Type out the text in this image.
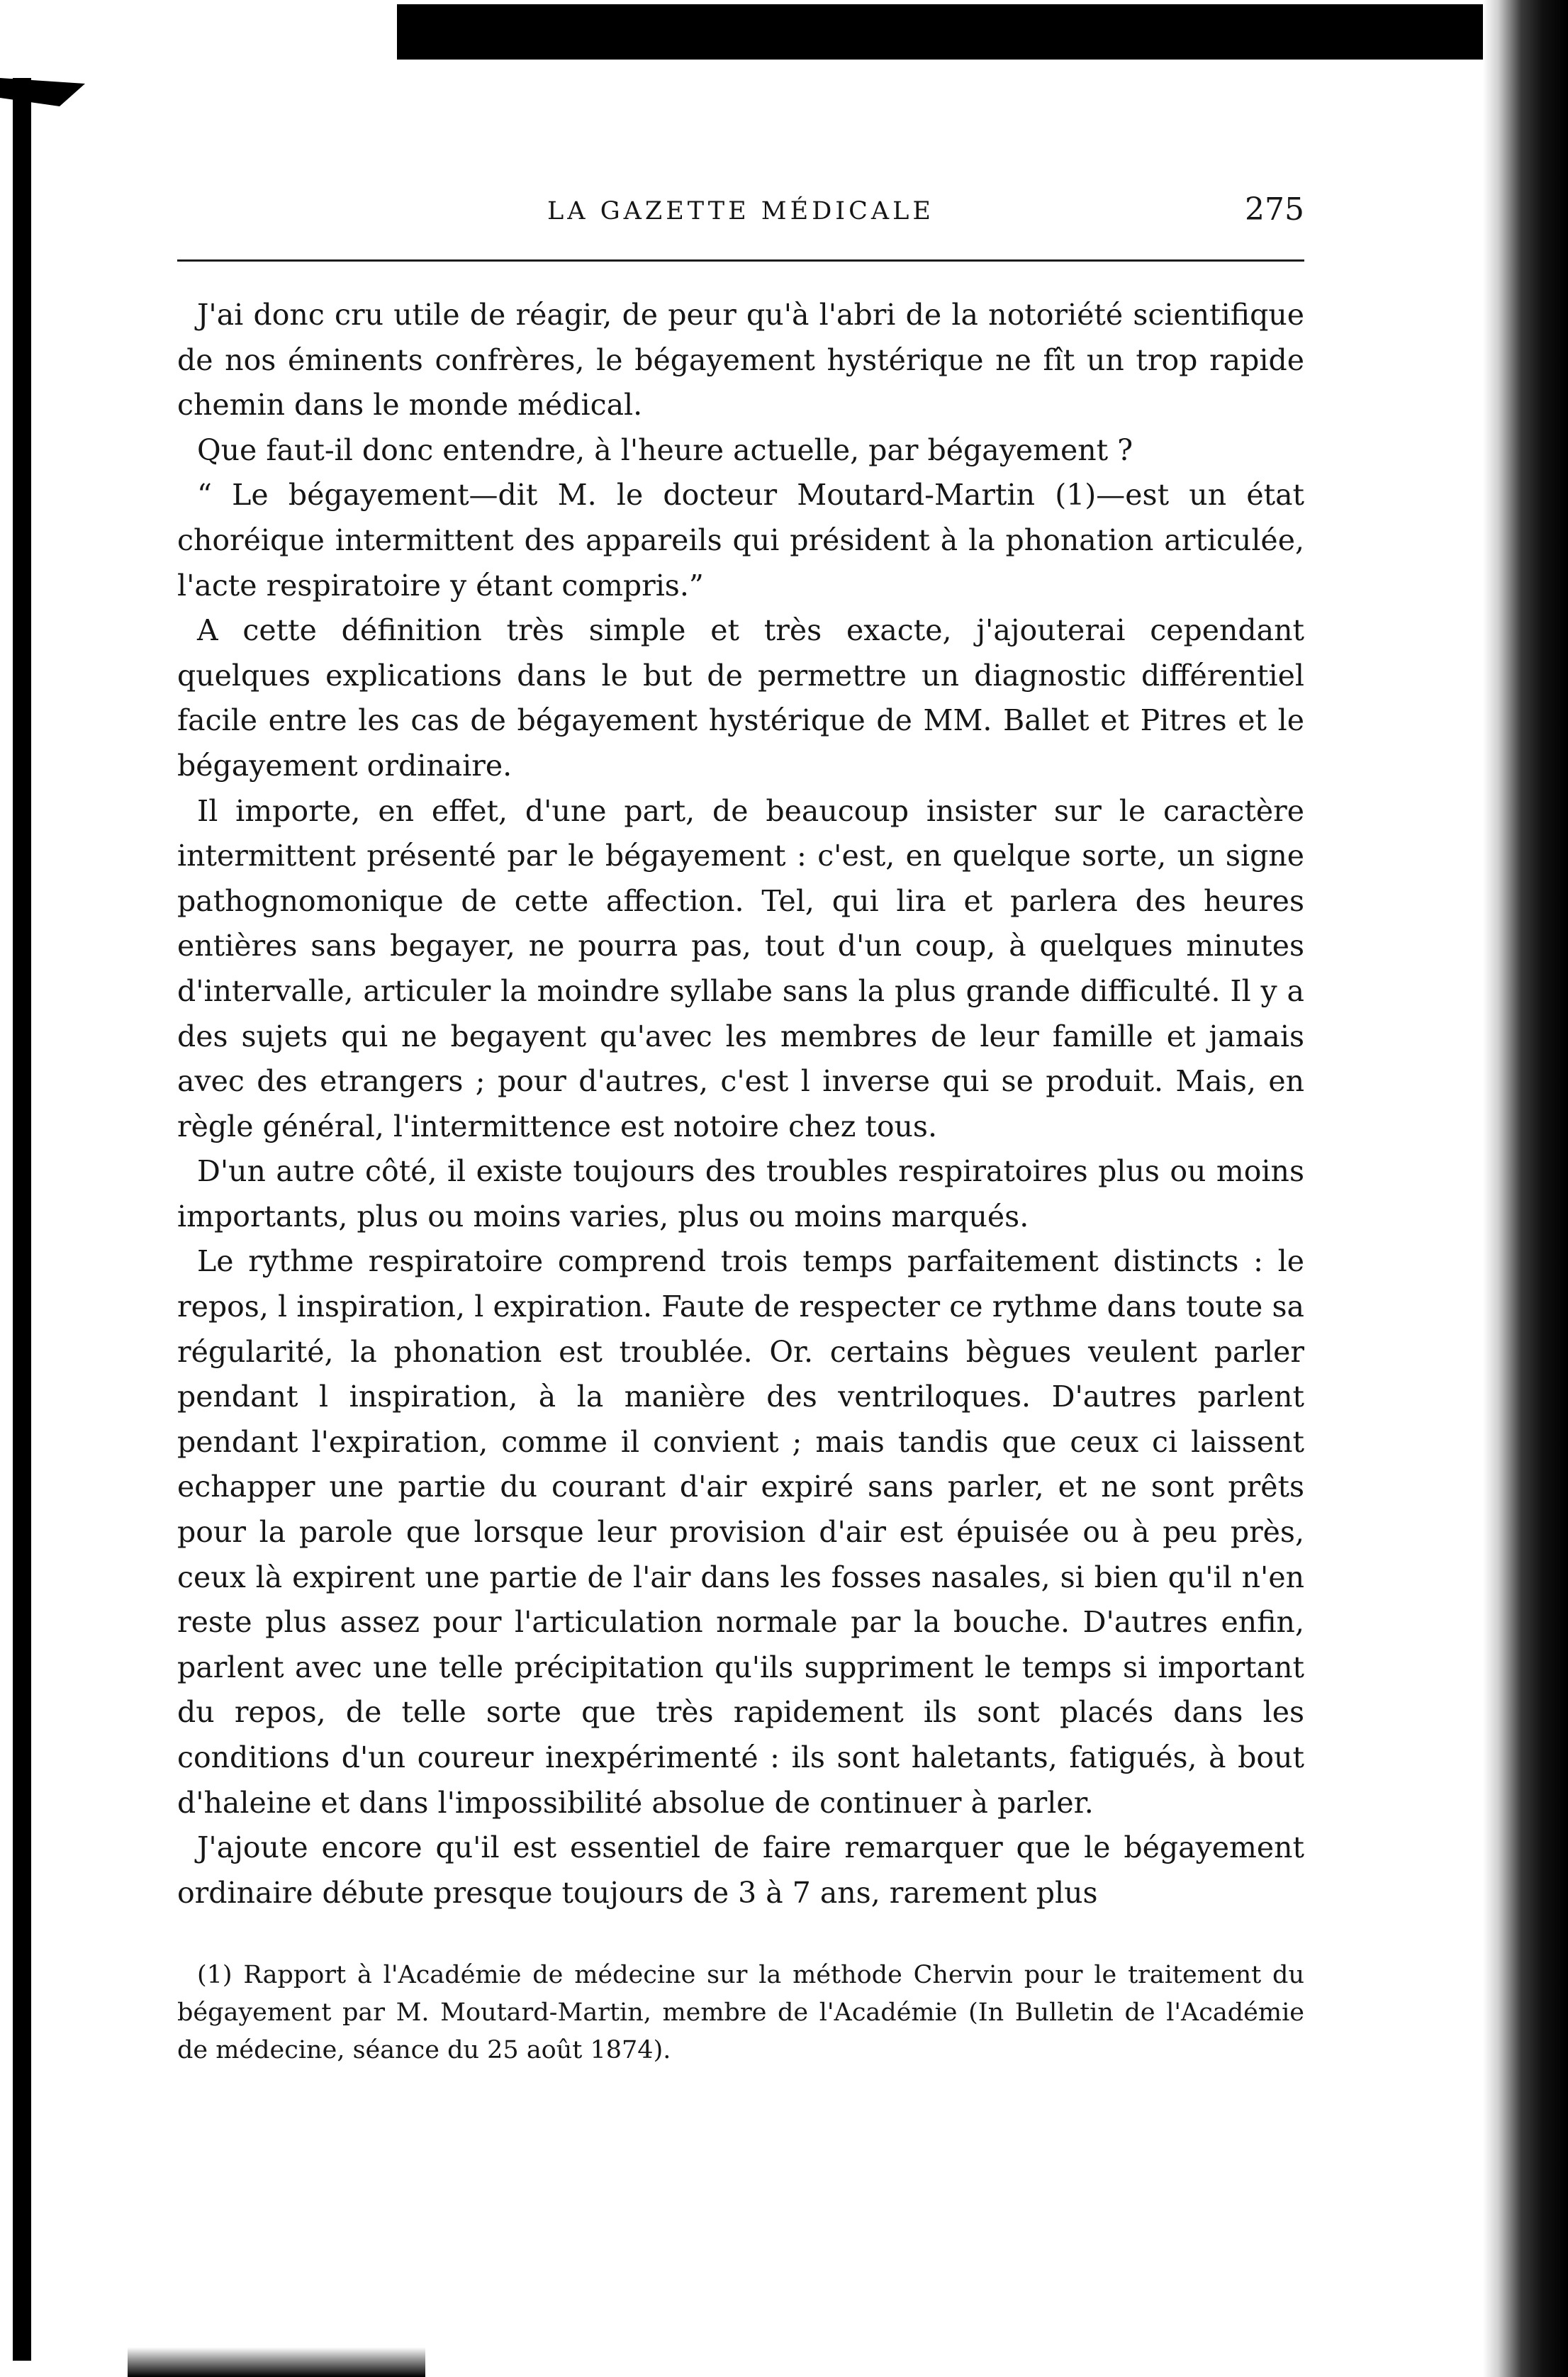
LA GAZETTE MÉDICALE	275

J'ai donc cru utile de réagir, de peur qu'à l'abri de la notoriété scientifique de nos éminents confrères, le bégayement hystérique ne fît un trop rapide chemin dans le monde médical.

Que faut-il donc entendre, à l'heure actuelle, par bégayement ?

“ Le bégayement—dit M. le docteur Moutard-Martin (1)—est un état choréique intermittent des appareils qui président à la phonation articulée, l'acte respiratoire y étant compris.”

A cette définition très simple et très exacte, j'ajouterai cependant quelques explications dans le but de permettre un diagnostic différentiel facile entre les cas de bégayement hystérique de MM. Ballet et Pitres et le bégayement ordinaire.

Il importe, en effet, d'une part, de beaucoup insister sur le caractère intermittent présenté par le bégayement : c'est, en quelque sorte, un signe pathognomonique de cette affection. Tel, qui lira et parlera des heures entières sans begayer, ne pourra pas, tout d'un coup, à quelques minutes d'intervalle, articuler la moindre syllabe sans la plus grande difficulté. Il y a des sujets qui ne begayent qu'avec les membres de leur famille et jamais avec des etrangers ; pour d'autres, c'est l inverse qui se produit. Mais, en règle général, l'intermittence est notoire chez tous.

D'un autre côté, il existe toujours des troubles respiratoires plus ou moins importants, plus ou moins varies, plus ou moins marqués.

Le rythme respiratoire comprend trois temps parfaitement distincts : le repos, l inspiration, l expiration. Faute de respecter ce rythme dans toute sa régularité, la phonation est troublée. Or. certains bègues veulent parler pendant l inspiration, à la manière des ventriloques. D'autres parlent pendant l'expiration, comme il convient ; mais tandis que ceux ci laissent echapper une partie du courant d'air expiré sans parler, et ne sont prêts pour la parole que lorsque leur provision d'air est épuisée ou à peu près, ceux là expirent une partie de l'air dans les fosses nasales, si bien qu'il n'en reste plus assez pour l'articulation normale par la bouche. D'autres enfin, parlent avec une telle précipitation qu'ils suppriment le temps si important du repos, de telle sorte que très rapidement ils sont placés dans les conditions d'un coureur inexpérimenté : ils sont haletants, fatigués, à bout d'haleine et dans l'impossibilité absolue de continuer à parler.

J'ajoute encore qu'il est essentiel de faire remarquer que le bégayement ordinaire débute presque toujours de 3 à 7 ans, rarement plus

(1) Rapport à l'Académie de médecine sur la méthode Chervin pour le traitement du bégayement par M. Moutard-Martin, membre de l'Académie (In Bulletin de l'Académie de médecine, séance du 25 août 1874).
